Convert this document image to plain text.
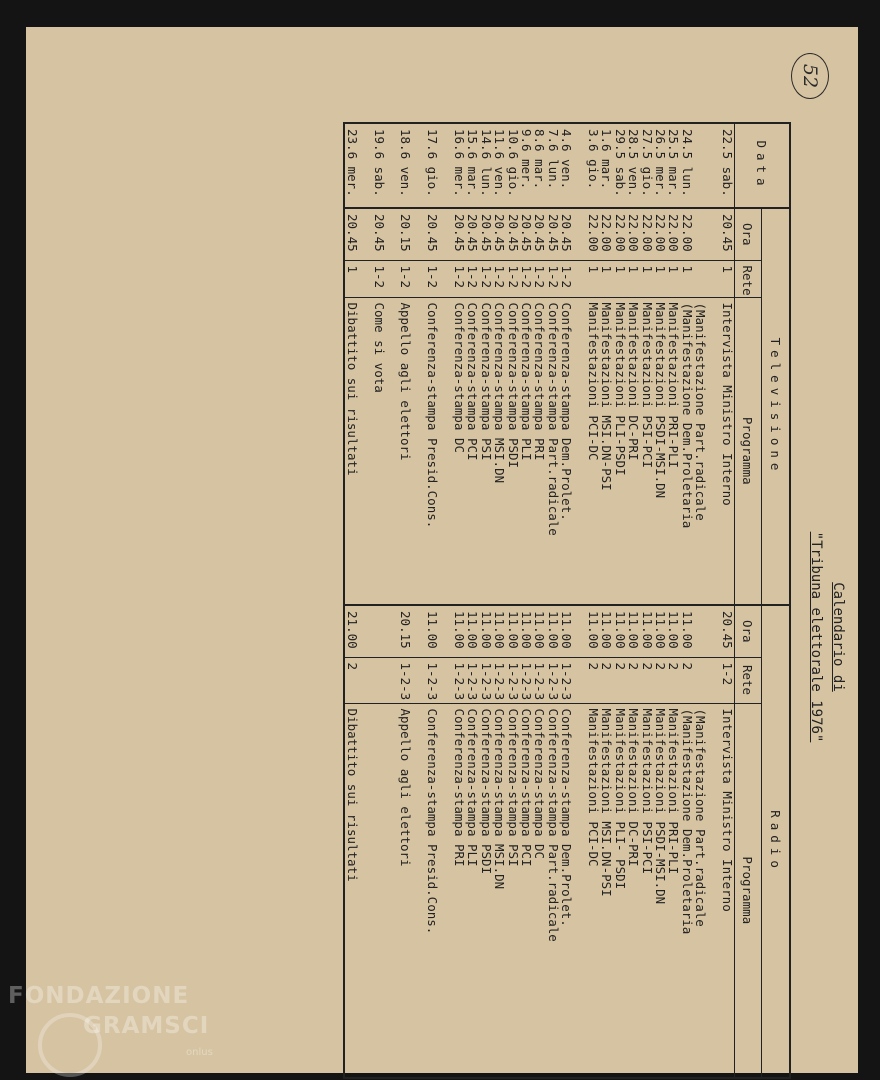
52
Calendario di
"Tribuna elettorale 1976"
Data	Televisione			Radio		
	Ora	Rete	Programma	Ora	Rete	Programma
22.5 sab.	20.45	1	Intervista Ministro Interno	20.45	1-2	Intervista Ministro Interno

			(Manifestazione Part.radicale			(Manifestazione Part.radicale
24.5 lun.	22.00	1	(Manifestazione Dem.Proletaria	11.00	2	(Manifestazione Dem.Proletaria
25.5 mar.	22.00	1	Manifestazioni PRI-PLI	11.00	2	Manifestazioni PRI-PLI
26.5 mer.	22.00	1	Manifestazioni PSDI-MSI.DN	11.00	2	Manifestazioni PSDI-MSI.DN
27.5 gio.	22.00	1	Manifestazioni PSI-PCI	11.00	2	Manifestazioni PSI-PCI
28.5 ven.	22.00	1	Manifestazioni DC-PRI	11.00	2	Manifestazioni DC-PRI
29.5 sab.	22.00	1	Manifestazioni PLI-PSDI	11.00	2	Manifestazioni PLI- PSDI
1.6 mar.	22.00	1	Manifestazioni MSI.DN-PSI	11.00	2	Manifestazioni MSI.DN-PSI
3.6 gio.	22.00	1	Manifestazioni PCI-DC	11.00	2	Manifestazioni PCI-DC

4.6 ven.	20.45	1-2	Conferenza-stampa Dem.Prolet.	11.00	1-2-3	Conferenza-stampa Dem.Prolet.
7.6 lun.	20.45	1-2	Conferenza-stampa Part.radicale	11.00	1-2-3	Conferenza-stampa Part.radicale
8.6 mar.	20.45	1-2	Conferenza-stampa PRI	11.00	1-2-3	Conferenza-stampa DC
9.6 mer.	20.45	1-2	Conferenza-stampa PLI	11.00	1-2-3	Conferenza-stampa PCI
10.6 gio.	20.45	1-2	Conferenza-stampa PSDI	11.00	1-2-3	Conferenza-stampa PSI
11.6 ven.	20.45	1-2	Conferenza-stampa MSI.DN	11.00	1-2-3	Conferenza-stampa MSI.DN
14.6 lun.	20.45	1-2	Conferenza-stampa PSI	11.00	1-2-3	Conferenza-stampa PSDI
15.6 mar.	20.45	1-2	Conferenza-stampa PCI	11.00	1-2-3	Conferenza-stampa PLI
16.6 mer.	20.45	1-2	Conferenza-stampa DC	11.00	1-2-3	Conferenza-stampa PRI

17.6 gio.	20.45	1-2	Conferenza-stampa Presid.Cons.	11.00	1-2-3	Conferenza-stampa Presid.Cons.

18.6 ven.	20.15	1-2	Appello agli elettori	20.15	1-2-3	Appello agli elettori

19.6 sab.	20.45	1-2	Come si vota			

23.6 mer.	20.45	1	Dibattito sui risultati	21.00	2	Dibattito sui risultati
FONDAZIONE
GRAMSCI
onlus
